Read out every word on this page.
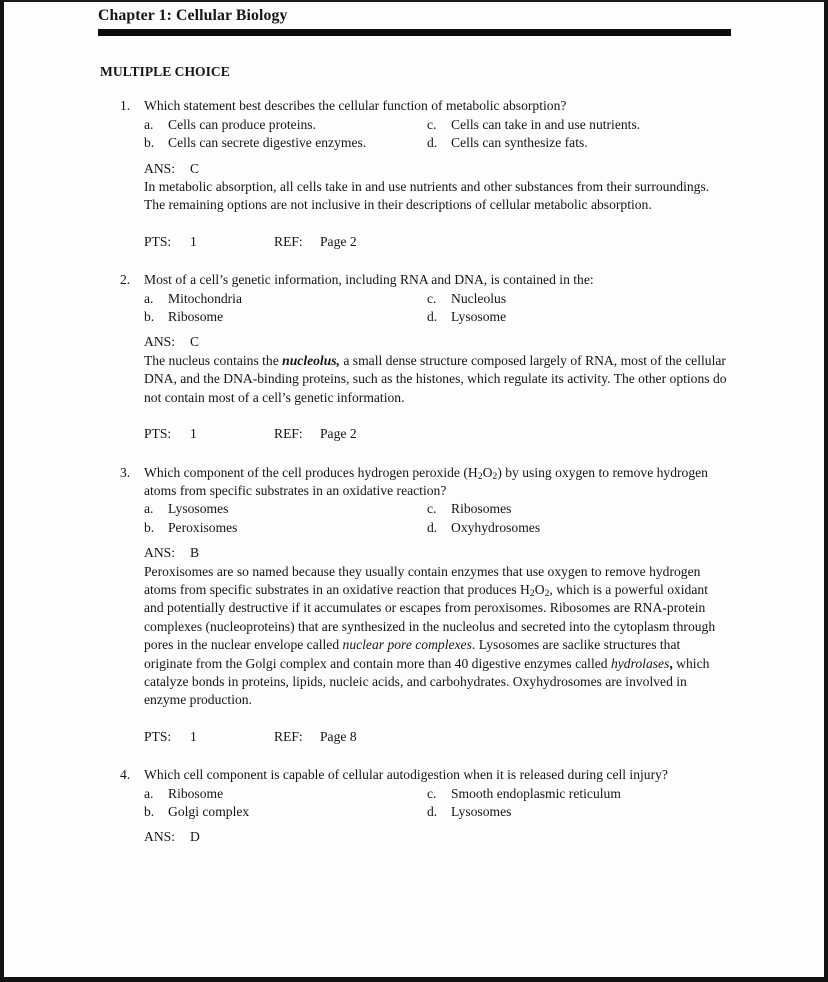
Chapter 1: Cellular Biology
MULTIPLE CHOICE
1.	Which statement best describes the cellular function of metabolic absorption?
a.	Cells can produce proteins.	c.	Cells can take in and use nutrients.
b.	Cells can secrete digestive enzymes.	d.	Cells can synthesize fats.
ANS: C
In metabolic absorption, all cells take in and use nutrients and other substances from their surroundings. The remaining options are not inclusive in their descriptions of cellular metabolic absorption.
PTS:	1	REF:	Page 2
2.	Most of a cell’s genetic information, including RNA and DNA, is contained in the:
a.	Mitochondria	c.	Nucleolus
b.	Ribosome	d.	Lysosome
ANS: C
The nucleus contains the nucleolus, a small dense structure composed largely of RNA, most of the cellular DNA, and the DNA-binding proteins, such as the histones, which regulate its activity. The other options do not contain most of a cell’s genetic information.
PTS:	1	REF:	Page 2
3.	Which component of the cell produces hydrogen peroxide $(H_2O_2)$ by using oxygen to remove hydrogen atoms from specific substrates in an oxidative reaction?
a.	Lysosomes	c.	Ribosomes
b.	Peroxisomes	d.	Oxyhydrosomes
ANS: B
Peroxisomes are so named because they usually contain enzymes that use oxygen to remove hydrogen atoms from specific substrates in an oxidative reaction that produces $H_2O_2$, which is a powerful oxidant and potentially destructive if it accumulates or escapes from peroxisomes. Ribosomes are RNA-protein complexes (nucleoproteins) that are synthesized in the nucleolus and secreted into the cytoplasm through pores in the nuclear envelope called nuclear pore complexes. Lysosomes are saclike structures that originate from the Golgi complex and contain more than 40 digestive enzymes called hydrolases, which catalyze bonds in proteins, lipids, nucleic acids, and carbohydrates. Oxyhydrosomes are involved in enzyme production.
PTS:	1	REF:	Page 8
4.	Which cell component is capable of cellular autodigestion when it is released during cell injury?
a.	Ribosome	c.	Smooth endoplasmic reticulum
b.	Golgi complex	d.	Lysosomes
ANS: D
